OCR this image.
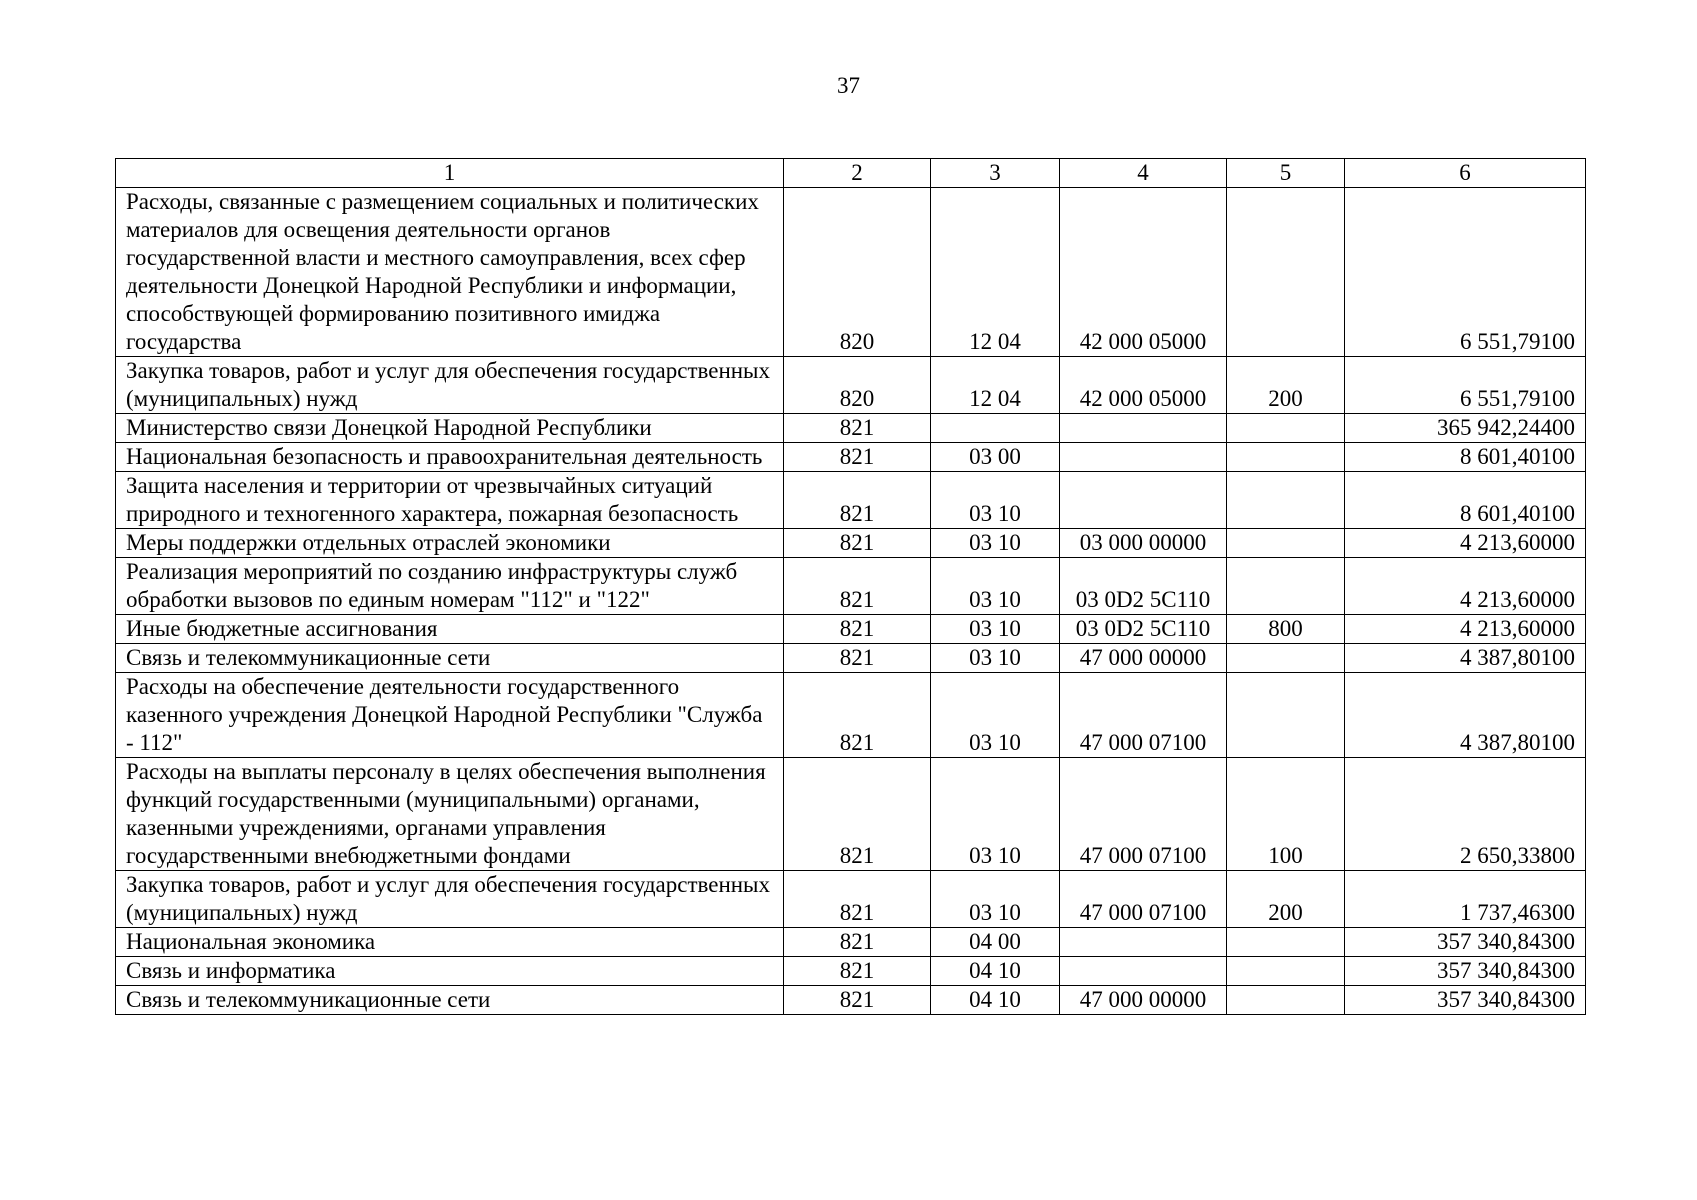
37
1	2	3	4	5	6
Расходы, связанные с размещением социальных и политических материалов для освещения деятельности органов государственной власти и местного самоуправления, всех сфер деятельности Донецкой Народной Республики и информации, способствующей формированию позитивного имиджа государства	820	12 04	42 000 05000		6 551,79100
Закупка товаров, работ и услуг для обеспечения государственных (муниципальных) нужд	820	12 04	42 000 05000	200	6 551,79100
Министерство связи Донецкой Народной Республики	821				365 942,24400
Национальная безопасность и правоохранительная деятельность	821	03 00			8 601,40100
Защита населения и территории от чрезвычайных ситуаций природного и техногенного характера, пожарная безопасность	821	03 10			8 601,40100
Меры поддержки отдельных отраслей экономики	821	03 10	03 000 00000		4 213,60000
Реализация мероприятий по созданию инфраструктуры служб обработки вызовов по единым номерам "112" и "122"	821	03 10	03 0D2 5C110		4 213,60000
Иные бюджетные ассигнования	821	03 10	03 0D2 5C110	800	4 213,60000
Связь и телекоммуникационные сети	821	03 10	47 000 00000		4 387,80100
Расходы на обеспечение деятельности государственного казенного учреждения Донецкой Народной Республики "Служба - 112"	821	03 10	47 000 07100		4 387,80100
Расходы на выплаты персоналу в целях обеспечения выполнения функций государственными (муниципальными) органами, казенными учреждениями, органами управления государственными внебюджетными фондами	821	03 10	47 000 07100	100	2 650,33800
Закупка товаров, работ и услуг для обеспечения государственных (муниципальных) нужд	821	03 10	47 000 07100	200	1 737,46300
Национальная экономика	821	04 00			357 340,84300
Связь и информатика	821	04 10			357 340,84300
Связь и телекоммуникационные сети	821	04 10	47 000 00000		357 340,84300
